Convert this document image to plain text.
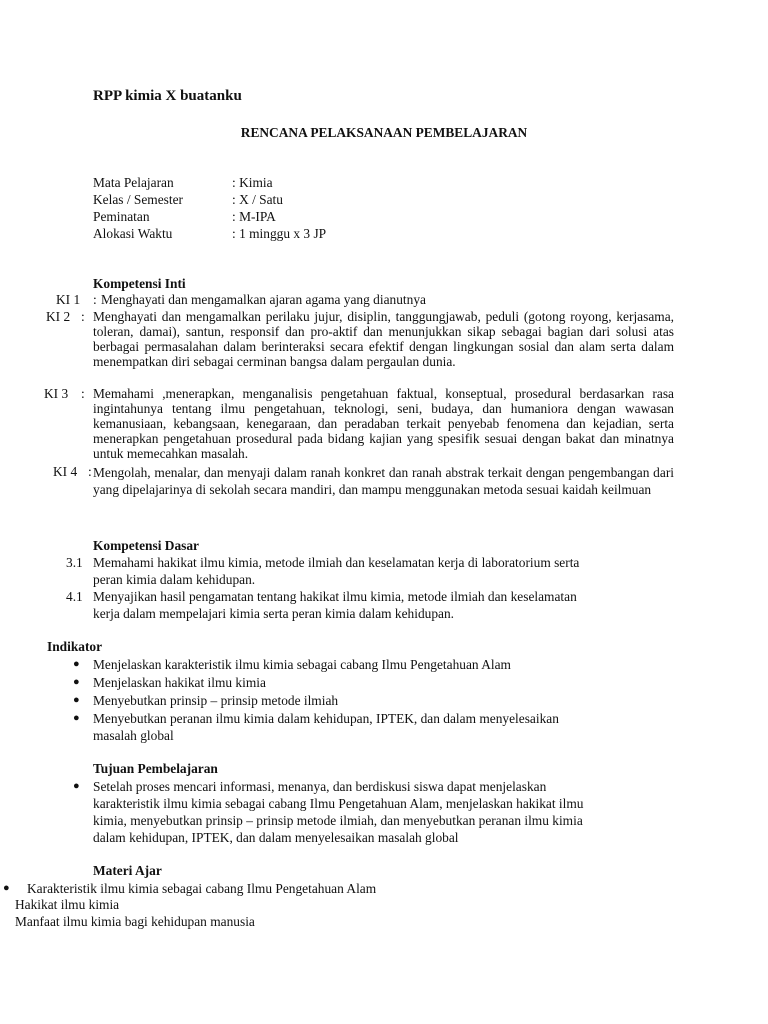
RPP kimia X buatanku
RENCANA PELAKSANAAN PEMBELAJARAN
Mata Pelajaran	: Kimia
Kelas / Semester	: X / Satu
Peminatan	: M-IPA
Alokasi Waktu	: 1 minggu x 3 JP
Kompetensi Inti
KI 1 : Menghayati dan mengamalkan ajaran agama yang dianutnya
KI 2 : Menghayati dan mengamalkan perilaku jujur, disiplin, tanggungjawab, peduli (gotong royong, kerjasama, toleran, damai), santun, responsif dan pro-aktif dan menunjukkan sikap sebagai bagian dari solusi atas berbagai permasalahan dalam berinteraksi secara efektif dengan lingkungan sosial dan alam serta dalam menempatkan diri sebagai cerminan bangsa dalam pergaulan dunia.
KI 3 : Memahami ,menerapkan, menganalisis pengetahuan faktual, konseptual, prosedural berdasarkan rasa ingintahunya tentang ilmu pengetahuan, teknologi, seni, budaya, dan humaniora dengan wawasan kemanusiaan, kebangsaan, kenegaraan, dan peradaban terkait penyebab fenomena dan kejadian, serta menerapkan pengetahuan prosedural pada bidang kajian yang spesifik sesuai dengan bakat dan minatnya untuk memecahkan masalah.
KI 4 : Mengolah, menalar, dan menyaji dalam ranah konkret dan ranah abstrak terkait dengan pengembangan dari yang dipelajarinya di sekolah secara mandiri, dan mampu menggunakan metoda sesuai kaidah keilmuan
Kompetensi Dasar
3.1 Memahami hakikat ilmu kimia, metode ilmiah dan keselamatan kerja di laboratorium serta
peran kimia dalam kehidupan.
4.1 Menyajikan hasil pengamatan tentang hakikat ilmu kimia, metode ilmiah dan keselamatan
kerja dalam mempelajari kimia serta peran kimia dalam kehidupan.
Indikator
● Menjelaskan karakteristik ilmu kimia sebagai cabang Ilmu Pengetahuan Alam
● Menjelaskan hakikat ilmu kimia
● Menyebutkan prinsip – prinsip metode ilmiah
● Menyebutkan peranan ilmu kimia dalam kehidupan, IPTEK, dan dalam menyelesaikan
masalah global
Tujuan Pembelajaran
● Setelah proses mencari informasi, menanya, dan berdiskusi siswa dapat menjelaskan
karakteristik ilmu kimia sebagai cabang Ilmu Pengetahuan Alam, menjelaskan hakikat ilmu
kimia, menyebutkan prinsip – prinsip metode ilmiah, dan menyebutkan peranan ilmu kimia
dalam kehidupan, IPTEK, dan dalam menyelesaikan masalah global
Materi Ajar
● Karakteristik ilmu kimia sebagai cabang Ilmu Pengetahuan Alam
Hakikat ilmu kimia
Manfaat ilmu kimia bagi kehidupan manusia
